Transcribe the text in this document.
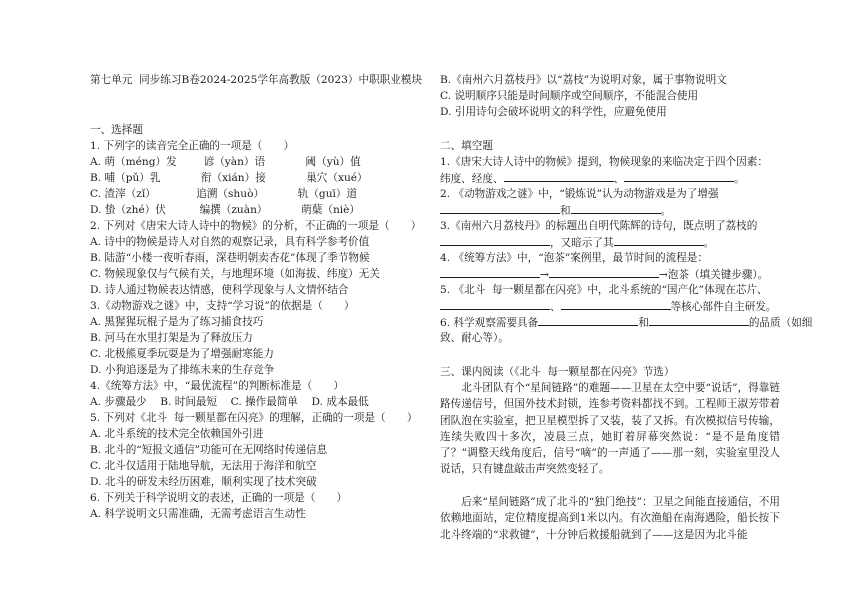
第七单元  同步练习B卷2024-2025学年高教版（2023）中职职业模块
一、选择题
1. 下列字的读音完全正确的一项是（　　）
A. 萌（méng）发        谚（yàn）语            阈（yù）值
B. 哺（pǔ）乳            衔（xián）接            巢穴（xué）
C. 渣滓（zǐ）            追溯（shuò）          轨（guī）道
D. 蛰（zhé）伏          编撰（zuàn）          萌蘖（niè）
2. 下列对《唐宋大诗人诗中的物候》的分析，不正确的一项是（　　）
A. 诗中的物候是诗人对自然的观察记录，具有科学参考价值
B. 陆游“小楼一夜听春雨，深巷明朝卖杏花”体现了季节物候
C. 物候现象仅与气候有关，与地理环境（如海拔、纬度）无关
D. 诗人通过物候表达情感，使科学现象与人文情怀结合
3.《动物游戏之谜》中，支持“学习说”的依据是（　　）
A. 黑猩猩玩棍子是为了练习捕食技巧
B. 河马在水里打架是为了释放压力
C. 北极熊夏季玩耍是为了增强耐寒能力
D. 小狗追逐是为了排练未来的生存竞争
4.《统筹方法》中，“最优流程”的判断标准是（　　）
A. 步骤最少    B. 时间最短    C. 操作最简单    D. 成本最低
5. 下列对《北斗  每一颗星都在闪亮》的理解，正确的一项是（　　）
A. 北斗系统的技术完全依赖国外引进
B. 北斗的“短报文通信”功能可在无网络时传递信息
C. 北斗仅适用于陆地导航，无法用于海洋和航空
D. 北斗的研发未经历困难，顺利实现了技术突破
6. 下列关于科学说明文的表述，正确的一项是（　　）
A. 科学说明文只需准确，无需考虑语言生动性
B.《南州六月荔枝丹》以“荔枝”为说明对象，属于事物说明文
C. 说明顺序只能是时间顺序或空间顺序，不能混合使用
D. 引用诗句会破坏说明文的科学性，应避免使用
二、填空题
1.《唐宋大诗人诗中的物候》提到，物候现象的来临决定于四个因素：
纬度、经度、	、	。
2. 《动物游戏之谜》中，“锻炼说”认为动物游戏是为了增强
和	。
3.《南州六月荔枝丹》的标题出自明代陈辉的诗句，既点明了荔枝的
，又暗示了其	。
4. 《统筹方法》中，“泡茶”案例里，最节时间的流程是：
→	→泡茶（填关键步骤）。
5. 《北斗  每一颗星都在闪亮》中，北斗系统的“国产化”体现在芯片、
、	等核心部件自主研发。
6. 科学观察需要具备	和	的品质（如细
致、耐心等）。
三、课内阅读（《北斗  每一颗星都在闪亮》节选）
北斗团队有个“星间链路”的难题——卫星在太空中要“说话”，得靠链路传递信号，但国外技术封锁，连参考资料都找不到。工程师王淑芳带着团队泡在实验室，把卫星模型拆了又装，装了又拆。有次模拟信号传输，连续失败四十多次，凌晨三点，她盯着屏幕突然说：“是不是角度错了？”调整天线角度后，信号“嘀”的一声通了——那一刻，实验室里没人说话，只有键盘敲击声突然变轻了。
后来“星间链路”成了北斗的“独门绝技”：卫星之间能直接通信，不用依赖地面站，定位精度提高到1米以内。有次渔船在南海遇险，船长按下北斗终端的“求救键”，十分钟后救援船就到了——这是因为北斗能
